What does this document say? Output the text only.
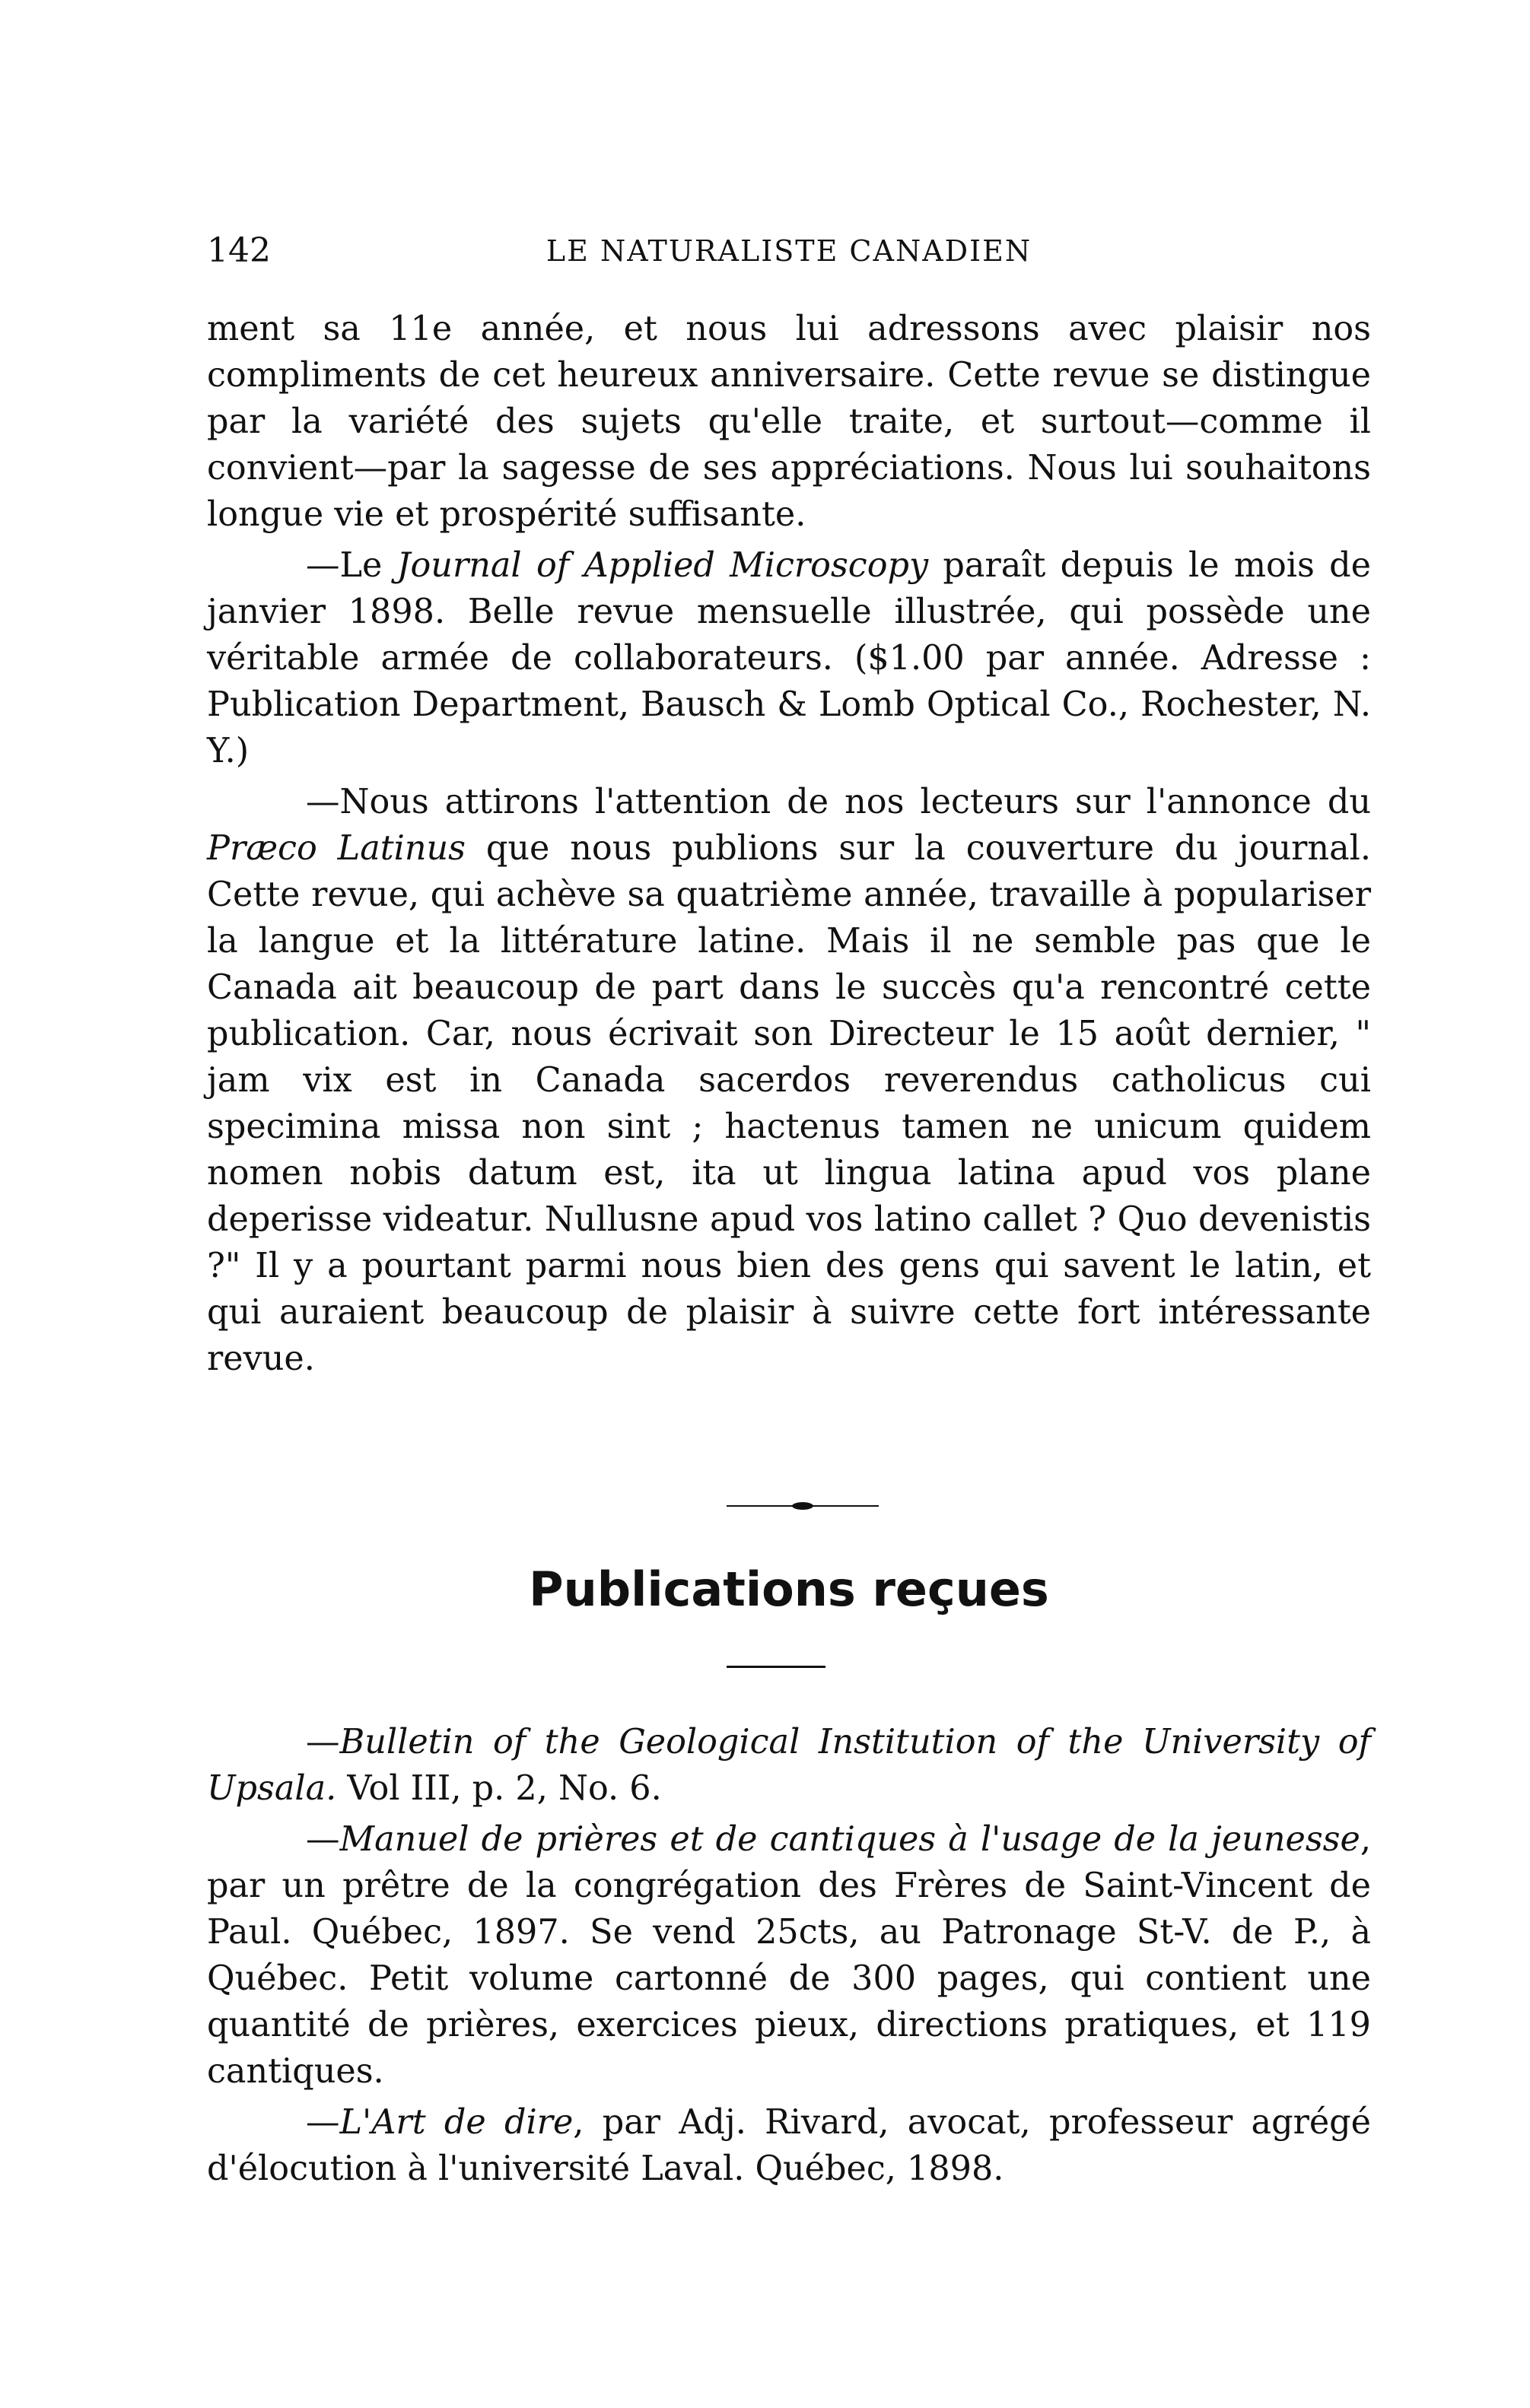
142	LE NATURALISTE CANADIEN

ment sa 11e année, et nous lui adressons avec plaisir nos compliments de cet heureux anniversaire. Cette revue se distingue par la variété des sujets qu'elle traite, et surtout—comme il convient—par la sagesse de ses appréciations. Nous lui souhaitons longue vie et prospérité suffisante.

—Le Journal of Applied Microscopy paraît depuis le mois de janvier 1898. Belle revue mensuelle illustrée, qui possède une véritable armée de collaborateurs. ($1.00 par année. Adresse : Publication Department, Bausch & Lomb Optical Co., Rochester, N. Y.)

—Nous attirons l'attention de nos lecteurs sur l'annonce du Præco Latinus que nous publions sur la couverture du journal. Cette revue, qui achève sa quatrième année, travaille à populariser la langue et la littérature latine. Mais il ne semble pas que le Canada ait beaucoup de part dans le succès qu'a rencontré cette publication. Car, nous écrivait son Directeur le 15 août dernier, " jam vix est in Canada sacerdos reverendus catholicus cui specimina missa non sint ; hactenus tamen ne unicum quidem nomen nobis datum est, ita ut lingua latina apud vos plane deperisse videatur. Nullusne apud vos latino callet ? Quo devenistis ?" Il y a pourtant parmi nous bien des gens qui savent le latin, et qui auraient beaucoup de plaisir à suivre cette fort intéressante revue.

Publications reçues

—Bulletin of the Geological Institution of the University of Upsala. Vol III, p. 2, No. 6.

—Manuel de prières et de cantiques à l'usage de la jeunesse, par un prêtre de la congrégation des Frères de Saint-Vincent de Paul. Québec, 1897. Se vend 25cts, au Patronage St-V. de P., à Québec. Petit volume cartonné de 300 pages, qui contient une quantité de prières, exercices pieux, directions pratiques, et 119 cantiques.

—L'Art de dire, par Adj. Rivard, avocat, professeur agrégé d'élocution à l'université Laval. Québec, 1898.
